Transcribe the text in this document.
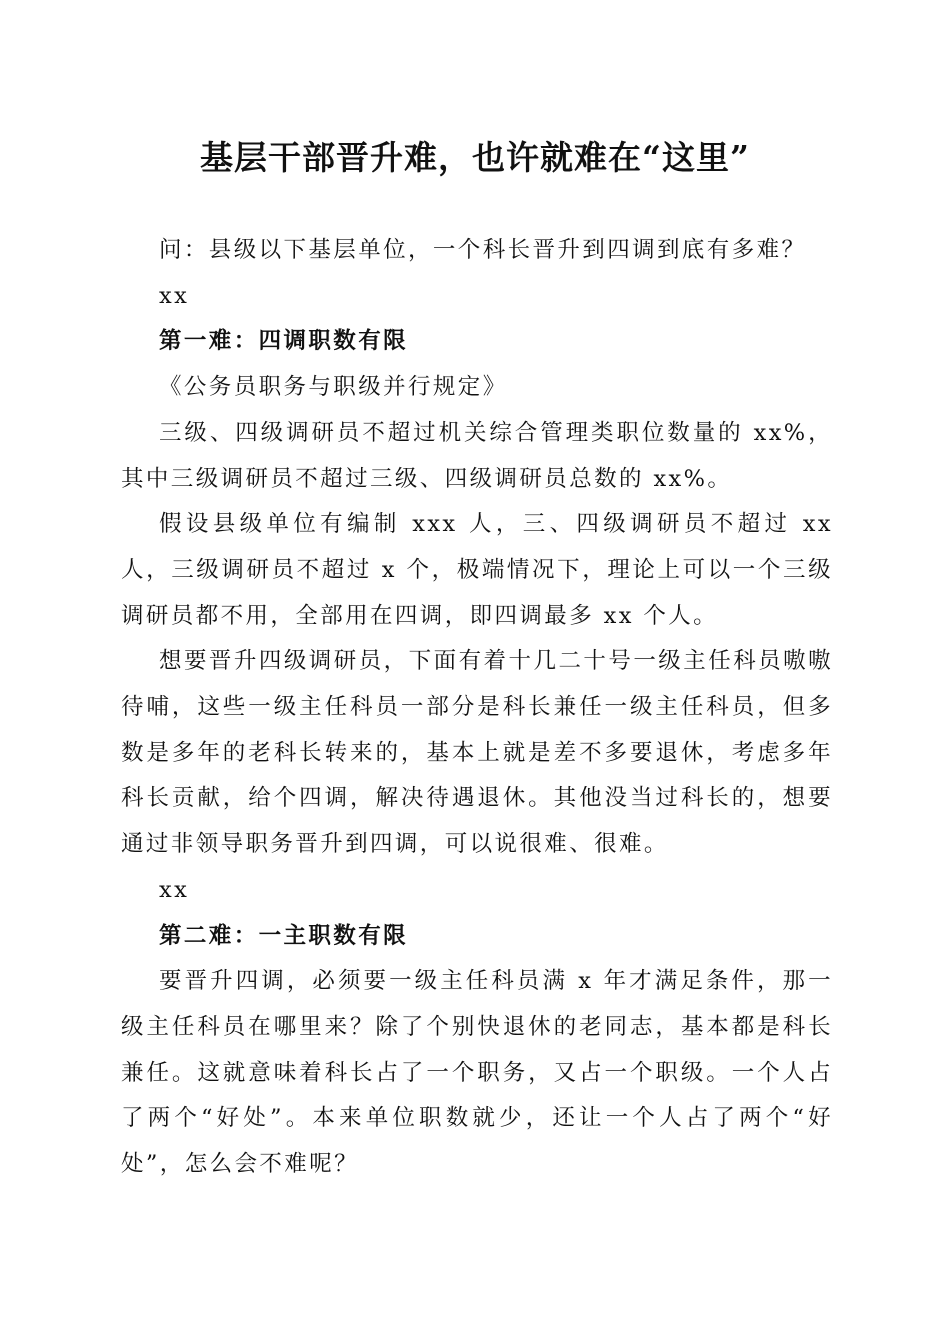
基层干部晋升难，也许就难在“这里”

问：县级以下基层单位，一个科长晋升到四调到底有多难？

xx

第一难：四调职数有限

《公务员职务与职级并行规定》

三级、四级调研员不超过机关综合管理类职位数量的 xx%，其中三级调研员不超过三级、四级调研员总数的 xx%。

假设县级单位有编制 xxx 人，三、四级调研员不超过 xx 人，三级调研员不超过 x 个，极端情况下，理论上可以一个三级调研员都不用，全部用在四调，即四调最多 xx 个人。

想要晋升四级调研员，下面有着十几二十号一级主任科员嗷嗷待哺，这些一级主任科员一部分是科长兼任一级主任科员，但多数是多年的老科长转来的，基本上就是差不多要退休，考虑多年科长贡献，给个四调，解决待遇退休。其他没当过科长的，想要通过非领导职务晋升到四调，可以说很难、很难。

xx

第二难：一主职数有限

要晋升四调，必须要一级主任科员满 x 年才满足条件，那一级主任科员在哪里来？除了个别快退休的老同志，基本都是科长兼任。这就意味着科长占了一个职务，又占一个职级。一个人占了两个“好处”。本来单位职数就少，还让一个人占了两个“好处”，怎么会不难呢？
